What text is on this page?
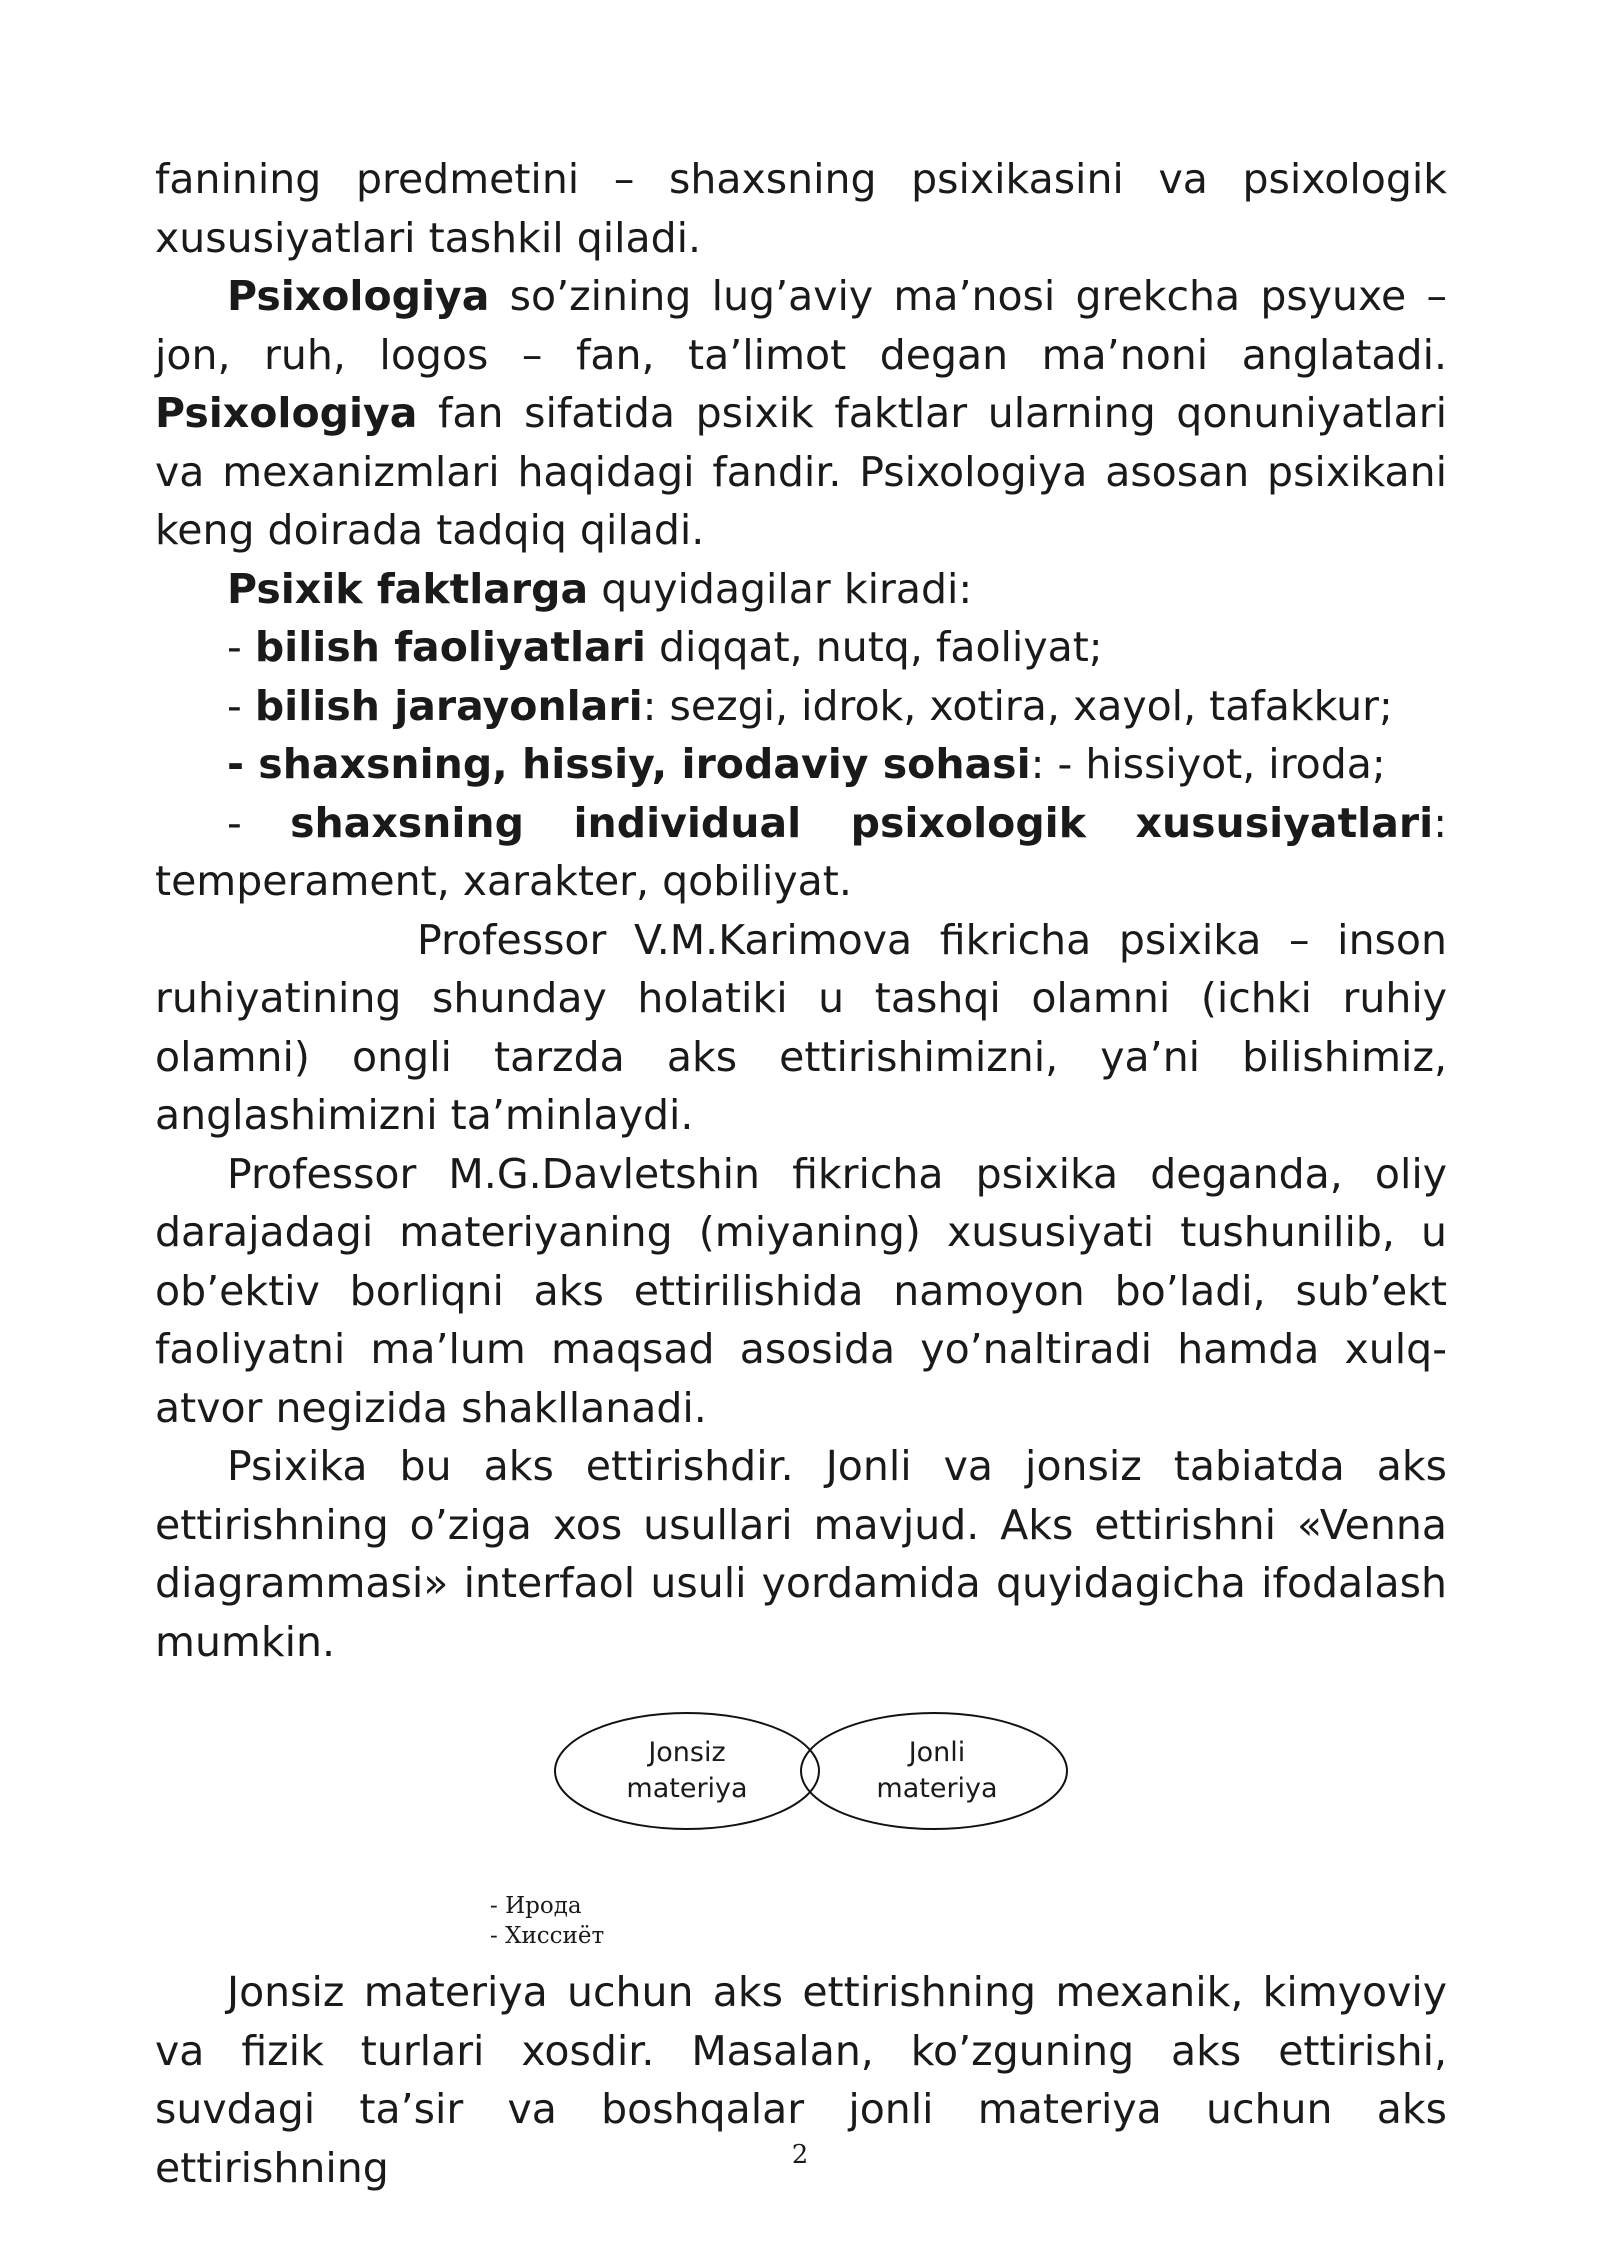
fanining predmetini – shaxsning psixikasini va psixologik xususiyatlari tashkil qiladi.

Psixologiya so’zining lug’aviy ma’nosi grekcha psyuxe – jon, ruh, logos – fan, ta’limot degan ma’noni anglatadi. Psixologiya fan sifatida psixik faktlar ularning qonuniyatlari va mexanizmlari haqidagi fandir. Psixologiya asosan psixikani keng doirada tadqiq qiladi.

Psixik faktlarga quyidagilar kiradi:

- bilish faoliyatlari diqqat, nutq, faoliyat;

- bilish jarayonlari: sezgi, idrok, xotira, xayol, tafakkur;

- shaxsning, hissiy, irodaviy sohasi: - hissiyot, iroda;

- shaxsning individual psixologik xususiyatlari: temperament, xarakter, qobiliyat.

Professor V.M.Karimova fikricha psixika – inson ruhiyatining shunday holatiki u tashqi olamni (ichki ruhiy olamni) ongli tarzda aks ettirishimizni, ya’ni bilishimiz, anglashimizni ta’minlaydi.

Professor M.G.Davletshin fikricha psixika deganda, oliy darajadagi materiyaning (miyaning) xususiyati tushunilib, u ob’ektiv borliqni aks ettirilishida namoyon bo’ladi, sub’ekt faoliyatni ma’lum maqsad asosida yo’naltiradi hamda xulq-atvor negizida shakllanadi.

Psixika bu aks ettirishdir. Jonli va jonsiz tabiatda aks ettirishning o’ziga xos usullari mavjud. Aks ettirishni «Venna diagrammasi» interfaol usuli yordamida quyidagicha ifodalash mumkin.

Jonsiz
materiya
Jonli
materiya

- Ирода

- Хиссиёт

Jonsiz materiya uchun aks ettirishning mexanik, kimyoviy va fizik turlari xosdir. Masalan, ko’zguning aks ettirishi, suvdagi ta’sir va boshqalar jonli materiya uchun aks ettirishning	2
